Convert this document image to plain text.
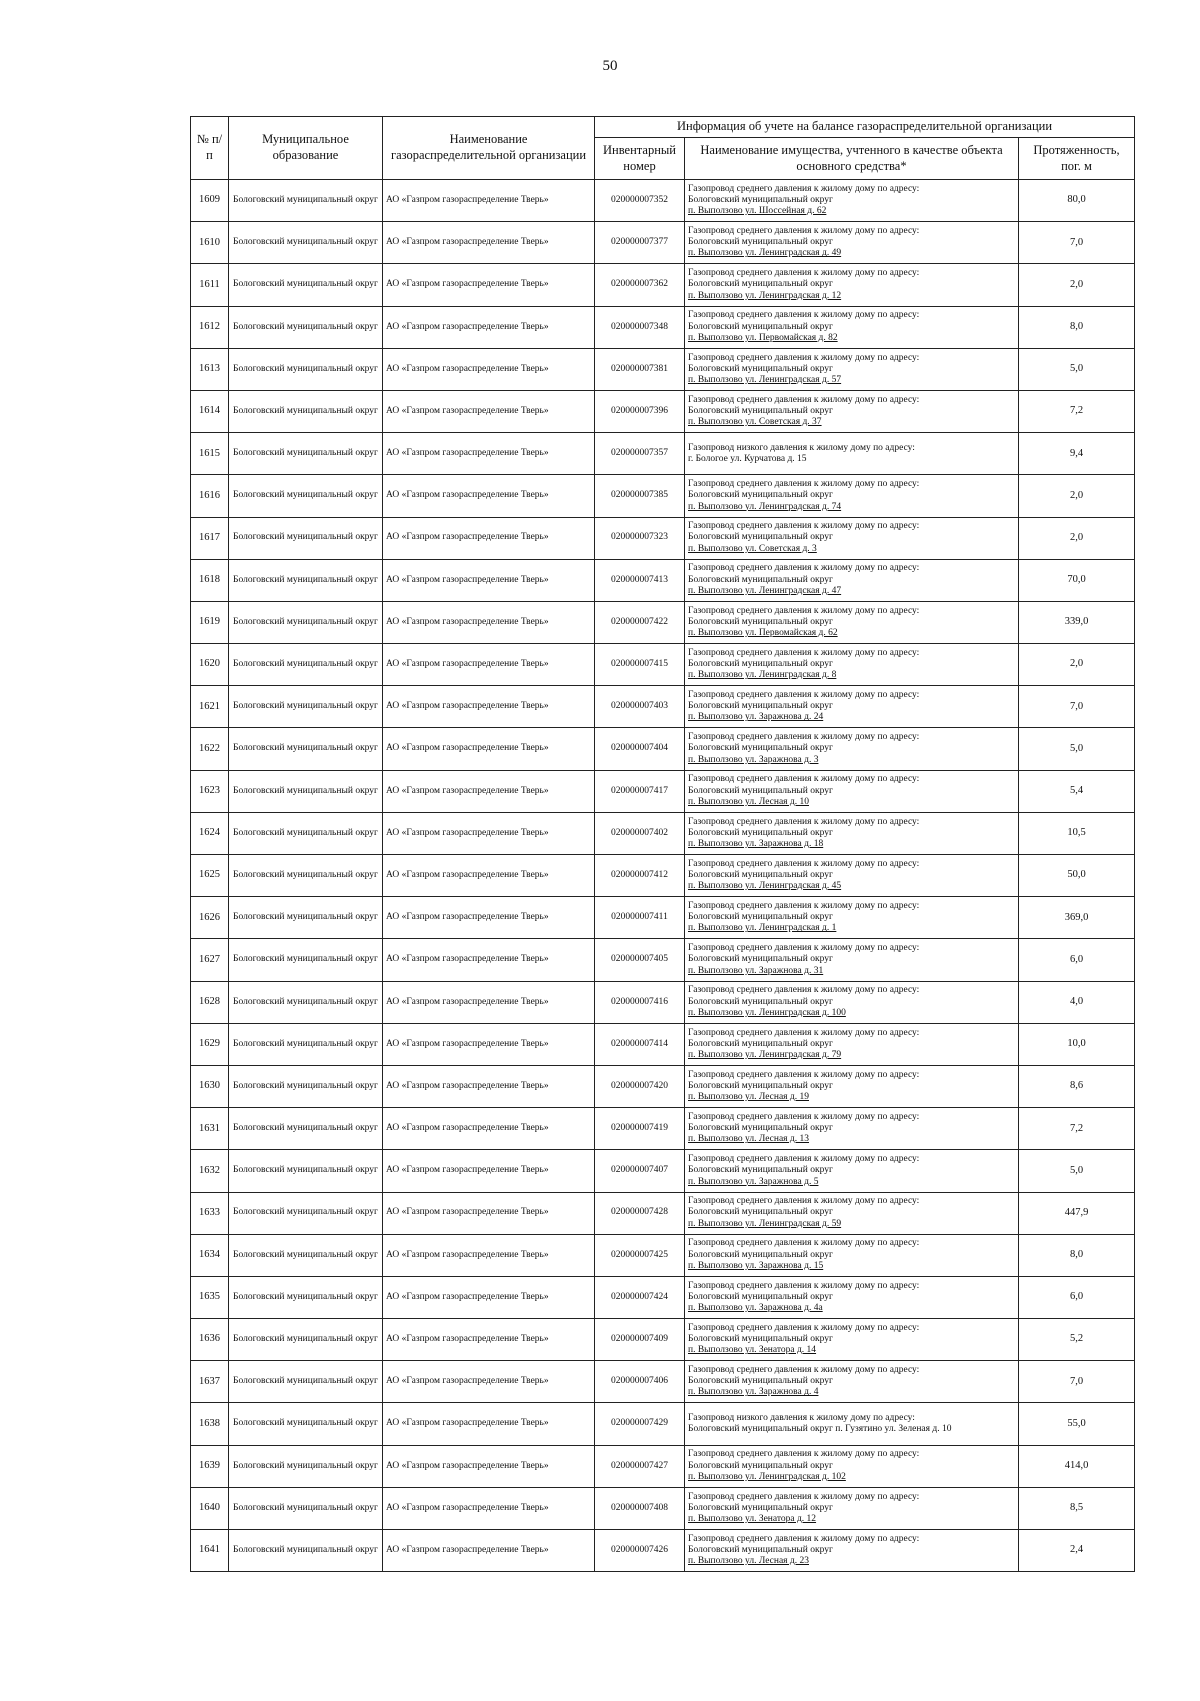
50
№ п/п	Муниципальное образование	Наименование газораспределительной организации	Информация об учете на балансе газораспределительной организации		
			Инвентарный номер	Наименование имущества, учтенного в качестве объекта основного средства*	Протяженность, пог. м
1609	Бологовский муниципальный округ	АО «Газпром газораспределение Тверь»	020000007352	Газопровод среднего давления к жилому дому по адресу:
Бологовский муниципальный округ
п. Выползово ул. Шоссейная д. 62	80,0
1610	Бологовский муниципальный округ	АО «Газпром газораспределение Тверь»	020000007377	Газопровод среднего давления к жилому дому по адресу:
Бологовский муниципальный округ
п. Выползово ул. Ленинградская д. 49	7,0
1611	Бологовский муниципальный округ	АО «Газпром газораспределение Тверь»	020000007362	Газопровод среднего давления к жилому дому по адресу:
Бологовский муниципальный округ
п. Выползово ул. Ленинградская д. 12	2,0
1612	Бологовский муниципальный округ	АО «Газпром газораспределение Тверь»	020000007348	Газопровод среднего давления к жилому дому по адресу:
Бологовский муниципальный округ
п. Выползово ул. Первомайская д. 82	8,0
1613	Бологовский муниципальный округ	АО «Газпром газораспределение Тверь»	020000007381	Газопровод среднего давления к жилому дому по адресу:
Бологовский муниципальный округ
п. Выползово ул. Ленинградская д. 57	5,0
1614	Бологовский муниципальный округ	АО «Газпром газораспределение Тверь»	020000007396	Газопровод среднего давления к жилому дому по адресу:
Бологовский муниципальный округ
п. Выползово ул. Советская д. 37	7,2
1615	Бологовский муниципальный округ	АО «Газпром газораспределение Тверь»	020000007357	Газопровод низкого давления к жилому дому по адресу:
г. Бологое ул. Курчатова д. 15	9,4
1616	Бологовский муниципальный округ	АО «Газпром газораспределение Тверь»	020000007385	Газопровод среднего давления к жилому дому по адресу:
Бологовский муниципальный округ
п. Выползово ул. Ленинградская д. 74	2,0
1617	Бологовский муниципальный округ	АО «Газпром газораспределение Тверь»	020000007323	Газопровод среднего давления к жилому дому по адресу:
Бологовский муниципальный округ
п. Выползово ул. Советская д. 3	2,0
1618	Бологовский муниципальный округ	АО «Газпром газораспределение Тверь»	020000007413	Газопровод среднего давления к жилому дому по адресу:
Бологовский муниципальный округ
п. Выползово ул. Ленинградская д. 47	70,0
1619	Бологовский муниципальный округ	АО «Газпром газораспределение Тверь»	020000007422	Газопровод среднего давления к жилому дому по адресу:
Бологовский муниципальный округ
п. Выползово ул. Первомайская д. 62	339,0
1620	Бологовский муниципальный округ	АО «Газпром газораспределение Тверь»	020000007415	Газопровод среднего давления к жилому дому по адресу:
Бологовский муниципальный округ
п. Выползово ул. Ленинградская д. 8	2,0
1621	Бологовский муниципальный округ	АО «Газпром газораспределение Тверь»	020000007403	Газопровод среднего давления к жилому дому по адресу:
Бологовский муниципальный округ
п. Выползово ул. Заражнова д. 24	7,0
1622	Бологовский муниципальный округ	АО «Газпром газораспределение Тверь»	020000007404	Газопровод среднего давления к жилому дому по адресу:
Бологовский муниципальный округ
п. Выползово ул. Заражнова д. 3	5,0
1623	Бологовский муниципальный округ	АО «Газпром газораспределение Тверь»	020000007417	Газопровод среднего давления к жилому дому по адресу:
Бологовский муниципальный округ
п. Выползово ул. Лесная д. 10	5,4
1624	Бологовский муниципальный округ	АО «Газпром газораспределение Тверь»	020000007402	Газопровод среднего давления к жилому дому по адресу:
Бологовский муниципальный округ
п. Выползово ул. Заражнова д. 18	10,5
1625	Бологовский муниципальный округ	АО «Газпром газораспределение Тверь»	020000007412	Газопровод среднего давления к жилому дому по адресу:
Бологовский муниципальный округ
п. Выползово ул. Ленинградская д. 45	50,0
1626	Бологовский муниципальный округ	АО «Газпром газораспределение Тверь»	020000007411	Газопровод среднего давления к жилому дому по адресу:
Бологовский муниципальный округ
п. Выползово ул. Ленинградская д. 1	369,0
1627	Бологовский муниципальный округ	АО «Газпром газораспределение Тверь»	020000007405	Газопровод среднего давления к жилому дому по адресу:
Бологовский муниципальный округ
п. Выползово ул. Заражнова д. 31	6,0
1628	Бологовский муниципальный округ	АО «Газпром газораспределение Тверь»	020000007416	Газопровод среднего давления к жилому дому по адресу:
Бологовский муниципальный округ
п. Выползово ул. Ленинградская д. 100	4,0
1629	Бологовский муниципальный округ	АО «Газпром газораспределение Тверь»	020000007414	Газопровод среднего давления к жилому дому по адресу:
Бологовский муниципальный округ
п. Выползово ул. Ленинградская д. 79	10,0
1630	Бологовский муниципальный округ	АО «Газпром газораспределение Тверь»	020000007420	Газопровод среднего давления к жилому дому по адресу:
Бологовский муниципальный округ
п. Выползово ул. Лесная д. 19	8,6
1631	Бологовский муниципальный округ	АО «Газпром газораспределение Тверь»	020000007419	Газопровод среднего давления к жилому дому по адресу:
Бологовский муниципальный округ
п. Выползово ул. Лесная д. 13	7,2
1632	Бологовский муниципальный округ	АО «Газпром газораспределение Тверь»	020000007407	Газопровод среднего давления к жилому дому по адресу:
Бологовский муниципальный округ
п. Выползово ул. Заражнова д. 5	5,0
1633	Бологовский муниципальный округ	АО «Газпром газораспределение Тверь»	020000007428	Газопровод среднего давления к жилому дому по адресу:
Бологовский муниципальный округ
п. Выползово ул. Ленинградская д. 59	447,9
1634	Бологовский муниципальный округ	АО «Газпром газораспределение Тверь»	020000007425	Газопровод среднего давления к жилому дому по адресу:
Бологовский муниципальный округ
п. Выползово ул. Заражнова д. 15	8,0
1635	Бологовский муниципальный округ	АО «Газпром газораспределение Тверь»	020000007424	Газопровод среднего давления к жилому дому по адресу:
Бологовский муниципальный округ
п. Выползово ул. Заражнова д. 4а	6,0
1636	Бологовский муниципальный округ	АО «Газпром газораспределение Тверь»	020000007409	Газопровод среднего давления к жилому дому по адресу:
Бологовский муниципальный округ
п. Выползово ул. Зенатора д. 14	5,2
1637	Бологовский муниципальный округ	АО «Газпром газораспределение Тверь»	020000007406	Газопровод среднего давления к жилому дому по адресу:
Бологовский муниципальный округ
п. Выползово ул. Заражнова д. 4	7,0
1638	Бологовский муниципальный округ	АО «Газпром газораспределение Тверь»	020000007429	Газопровод низкого давления к жилому дому по адресу:
Бологовский муниципальный округ п. Гузятино ул. Зеленая д. 10	55,0
1639	Бологовский муниципальный округ	АО «Газпром газораспределение Тверь»	020000007427	Газопровод среднего давления к жилому дому по адресу:
Бологовский муниципальный округ
п. Выползово ул. Ленинградская д. 102	414,0
1640	Бологовский муниципальный округ	АО «Газпром газораспределение Тверь»	020000007408	Газопровод среднего давления к жилому дому по адресу:
Бологовский муниципальный округ
п. Выползово ул. Зенатора д. 12	8,5
1641	Бологовский муниципальный округ	АО «Газпром газораспределение Тверь»	020000007426	Газопровод среднего давления к жилому дому по адресу:
Бологовский муниципальный округ
п. Выползово ул. Лесная д. 23	2,4
